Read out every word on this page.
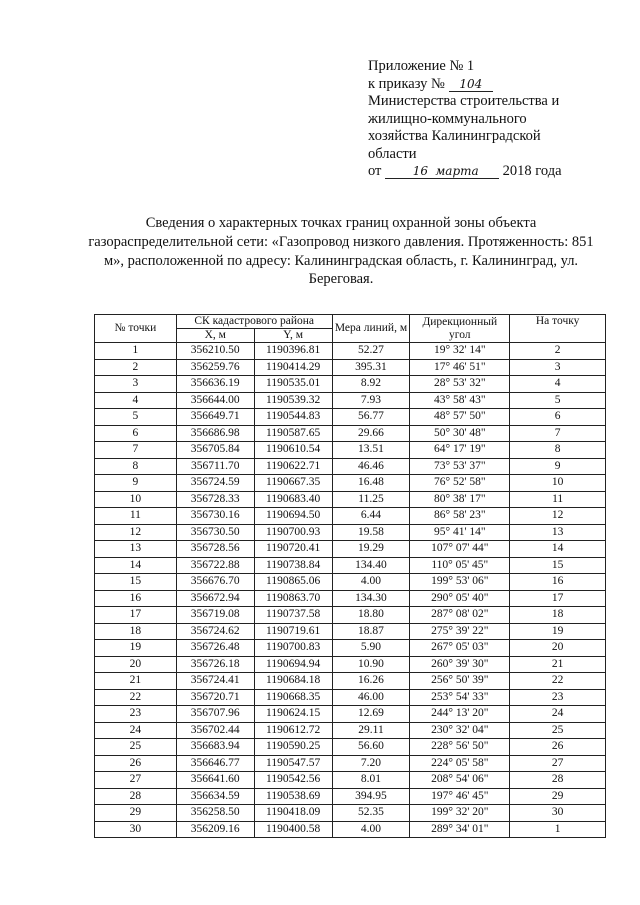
Приложение № 1
к приказу № 104
Министерства строительства и
жилищно-коммунального
хозяйства Калининградской
области
от	16 марта 2018 года
Сведения о характерных точках границ охранной зоны объекта газораспределительной сети: «Газопровод низкого давления. Протяженность: 851 м», расположенной по адресу: Калининградская область, г. Калининград, ул. Береговая.
№ точки	СК кадастрового района		Мера линий, м	Дирекционный угол	На точку
	X, м	Y, м			
1	356210.50	1190396.81	52.27	19° 32' 14"	2
2	356259.76	1190414.29	395.31	17° 46' 51"	3
3	356636.19	1190535.01	8.92	28° 53' 32"	4
4	356644.00	1190539.32	7.93	43° 58' 43"	5
5	356649.71	1190544.83	56.77	48° 57' 50"	6
6	356686.98	1190587.65	29.66	50° 30' 48"	7
7	356705.84	1190610.54	13.51	64° 17' 19"	8
8	356711.70	1190622.71	46.46	73° 53' 37"	9
9	356724.59	1190667.35	16.48	76° 52' 58"	10
10	356728.33	1190683.40	11.25	80° 38' 17"	11
11	356730.16	1190694.50	6.44	86° 58' 23"	12
12	356730.50	1190700.93	19.58	95° 41' 14"	13
13	356728.56	1190720.41	19.29	107° 07' 44"	14
14	356722.88	1190738.84	134.40	110° 05' 45"	15
15	356676.70	1190865.06	4.00	199° 53' 06"	16
16	356672.94	1190863.70	134.30	290° 05' 40"	17
17	356719.08	1190737.58	18.80	287° 08' 02"	18
18	356724.62	1190719.61	18.87	275° 39' 22"	19
19	356726.48	1190700.83	5.90	267° 05' 03"	20
20	356726.18	1190694.94	10.90	260° 39' 30"	21
21	356724.41	1190684.18	16.26	256° 50' 39"	22
22	356720.71	1190668.35	46.00	253° 54' 33"	23
23	356707.96	1190624.15	12.69	244° 13' 20"	24
24	356702.44	1190612.72	29.11	230° 32' 04"	25
25	356683.94	1190590.25	56.60	228° 56' 50"	26
26	356646.77	1190547.57	7.20	224° 05' 58"	27
27	356641.60	1190542.56	8.01	208° 54' 06"	28
28	356634.59	1190538.69	394.95	197° 46' 45"	29
29	356258.50	1190418.09	52.35	199° 32' 20"	30
30	356209.16	1190400.58	4.00	289° 34' 01"	1
